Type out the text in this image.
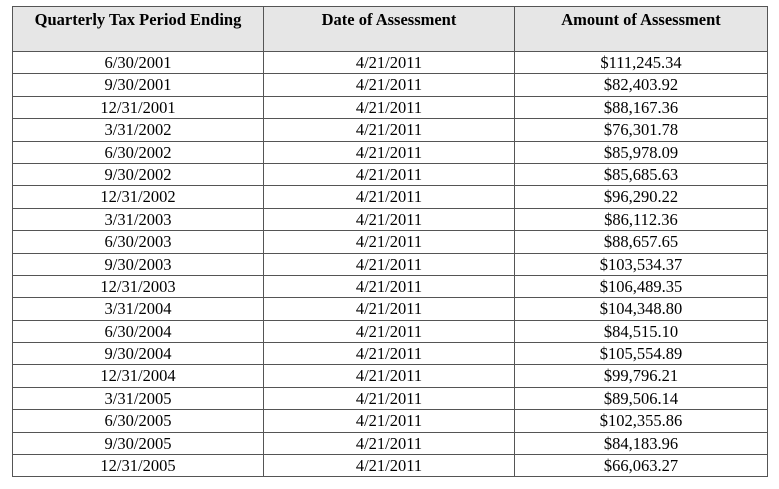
Quarterly Tax Period Ending	Date of Assessment	Amount of Assessment
6/30/2001	4/21/2011	$111,245.34
9/30/2001	4/21/2011	$82,403.92
12/31/2001	4/21/2011	$88,167.36
3/31/2002	4/21/2011	$76,301.78
6/30/2002	4/21/2011	$85,978.09
9/30/2002	4/21/2011	$85,685.63
12/31/2002	4/21/2011	$96,290.22
3/31/2003	4/21/2011	$86,112.36
6/30/2003	4/21/2011	$88,657.65
9/30/2003	4/21/2011	$103,534.37
12/31/2003	4/21/2011	$106,489.35
3/31/2004	4/21/2011	$104,348.80
6/30/2004	4/21/2011	$84,515.10
9/30/2004	4/21/2011	$105,554.89
12/31/2004	4/21/2011	$99,796.21
3/31/2005	4/21/2011	$89,506.14
6/30/2005	4/21/2011	$102,355.86
9/30/2005	4/21/2011	$84,183.96
12/31/2005	4/21/2011	$66,063.27
